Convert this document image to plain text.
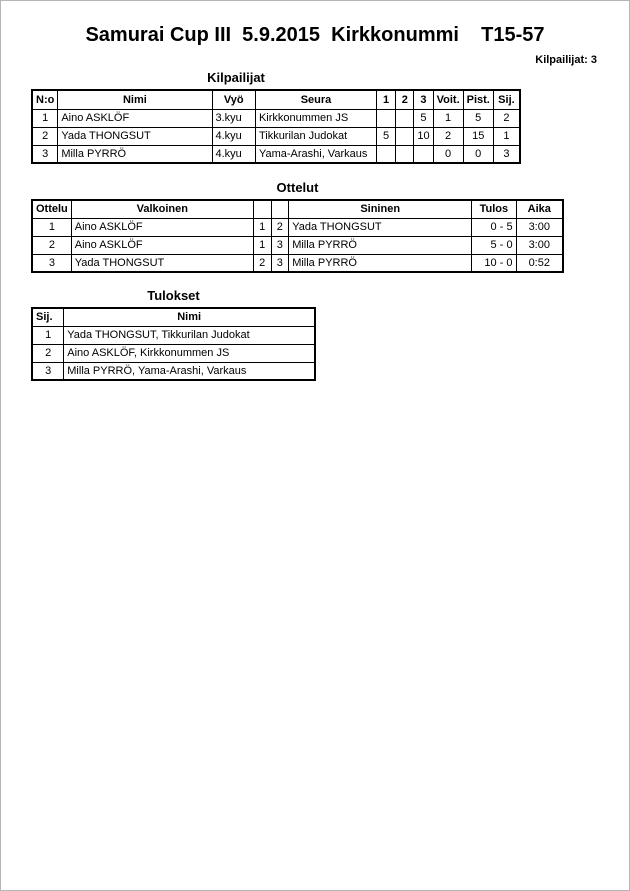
Samurai Cup III  5.9.2015  Kirkkonummi    T15-57
Kilpailijat: 3
Kilpailijat
N:o	Nimi	Vyö	Seura	1	2	3	Voit.	Pist.	Sij.
1	Aino ASKLÖF	3.kyu	Kirkkonummen JS			5	1	5	2
2	Yada THONGSUT	4.kyu	Tikkurilan Judokat	5		10	2	15	1
3	Milla PYRRÖ	4.kyu	Yama-Arashi, Varkaus				0	0	3
Ottelut
Ottelu	Valkoinen			Sininen	Tulos	Aika
1	Aino ASKLÖF	1	2	Yada THONGSUT	0 - 5	3:00
2	Aino ASKLÖF	1	3	Milla PYRRÖ	5 - 0	3:00
3	Yada THONGSUT	2	3	Milla PYRRÖ	10 - 0	0:52
Tulokset
Sij.	Nimi
1	Yada THONGSUT, Tikkurilan Judokat
2	Aino ASKLÖF, Kirkkonummen JS
3	Milla PYRRÖ, Yama-Arashi, Varkaus
